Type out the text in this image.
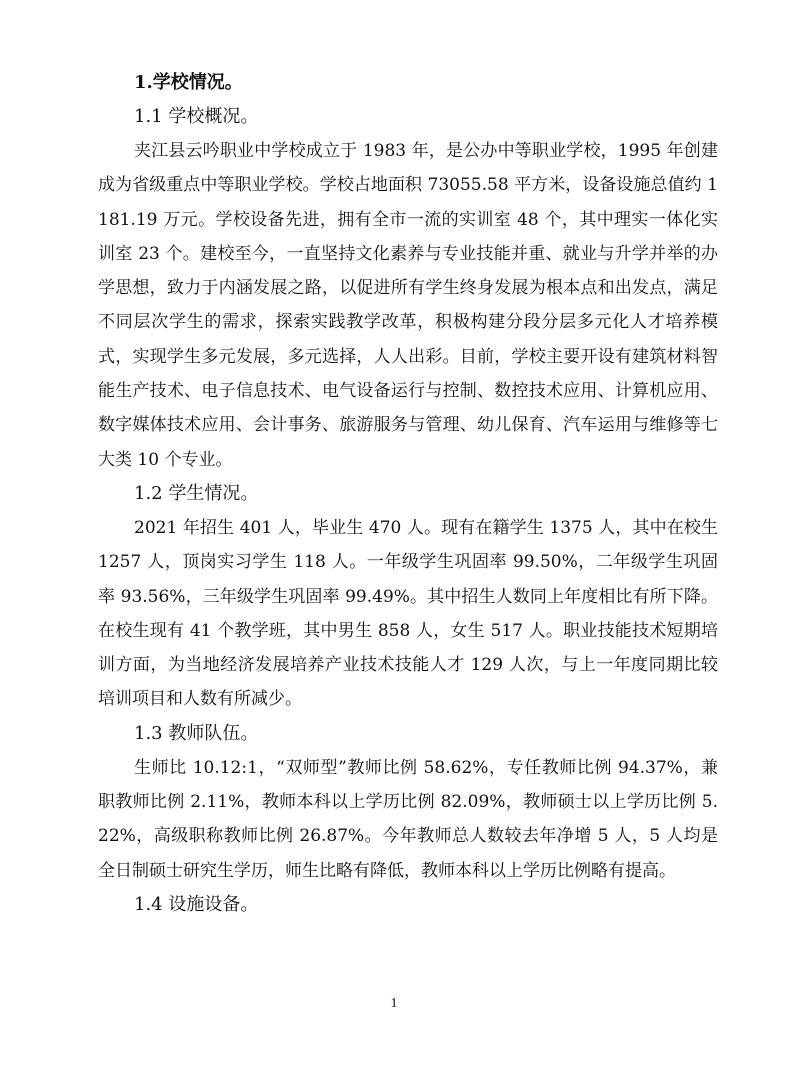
1.学校情况。

1.1 学校概况。

夹江县云吟职业中学校成立于 1983 年，是公办中等职业学校，1995 年创建成为省级重点中等职业学校。学校占地面积 73055.58 平方米，设备设施总值约 1181.19 万元。学校设备先进，拥有全市一流的实训室 48 个，其中理实一体化实训室 23 个。建校至今，一直坚持文化素养与专业技能并重、就业与升学并举的办学思想，致力于内涵发展之路，以促进所有学生终身发展为根本点和出发点，满足不同层次学生的需求，探索实践教学改革，积极构建分段分层多元化人才培养模式，实现学生多元发展，多元选择，人人出彩。目前，学校主要开设有建筑材料智能生产技术、电子信息技术、电气设备运行与控制、数控技术应用、计算机应用、数字媒体技术应用、会计事务、旅游服务与管理、幼儿保育、汽车运用与维修等七大类 10 个专业。

1.2 学生情况。

2021 年招生 401 人，毕业生 470 人。现有在籍学生 1375 人，其中在校生 1257 人，顶岗实习学生 118 人。一年级学生巩固率 99.50%，二年级学生巩固率 93.56%，三年级学生巩固率 99.49%。其中招生人数同上年度相比有所下降。在校生现有 41 个教学班，其中男生 858 人，女生 517 人。职业技能技术短期培训方面，为当地经济发展培养产业技术技能人才 129 人次，与上一年度同期比较培训项目和人数有所减少。

1.3 教师队伍。

生师比 10.12:1，“双师型”教师比例 58.62%，专任教师比例 94.37%，兼职教师比例 2.11%，教师本科以上学历比例 82.09%，教师硕士以上学历比例 5.22%，高级职称教师比例 26.87%。今年教师总人数较去年净增 5 人，5 人均是全日制硕士研究生学历，师生比略有降低，教师本科以上学历比例略有提高。

1.4 设施设备。

1
